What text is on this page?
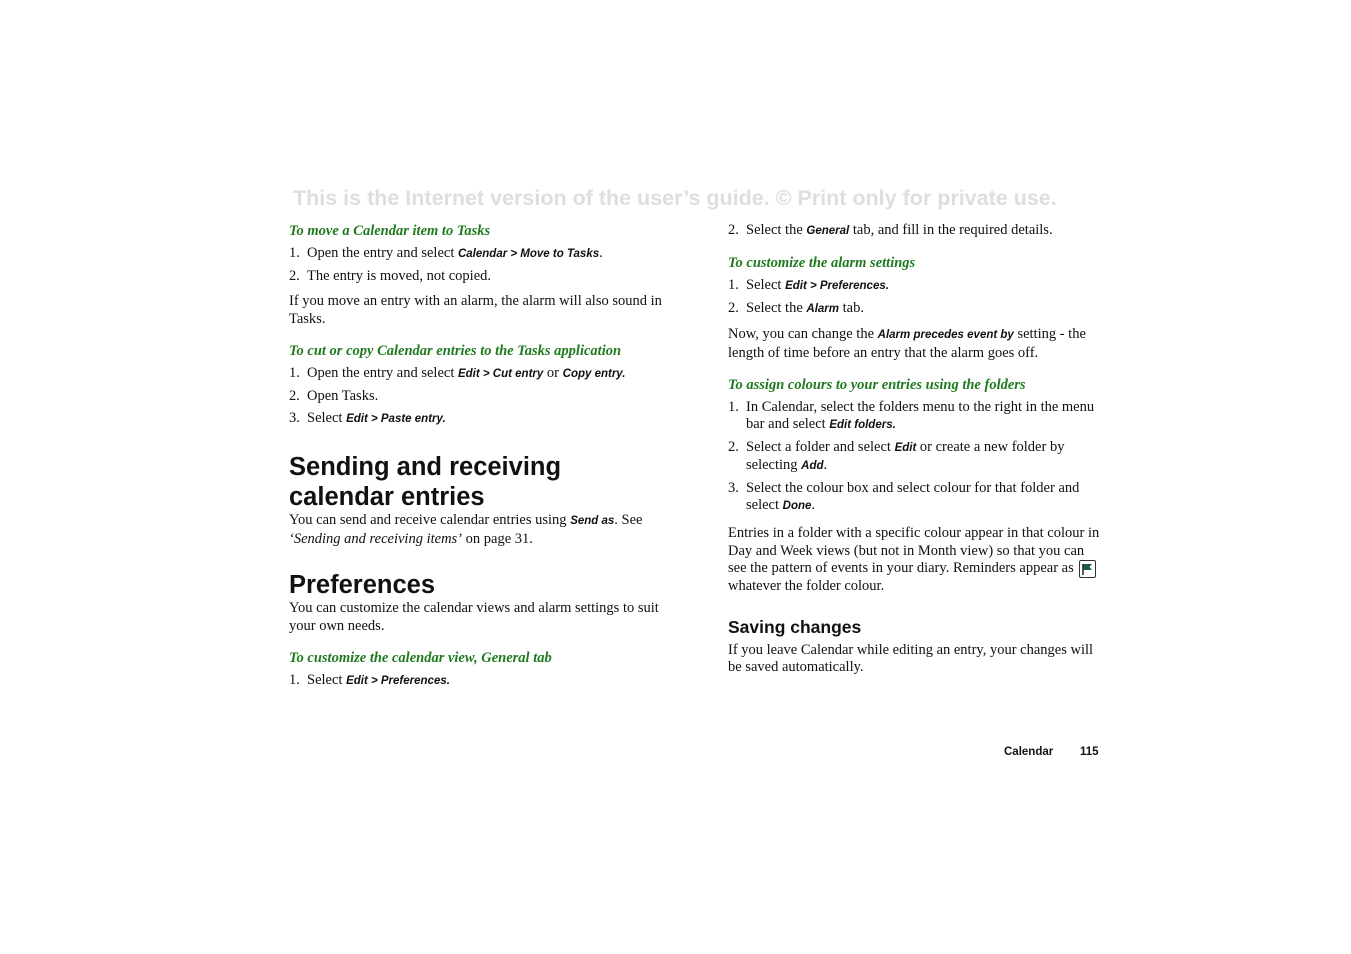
This is the Internet version of the user’s guide. © Print only for private use.

To move a Calendar item to Tasks

1. Open the entry and select Calendar > Move to Tasks.
2. The entry is moved, not copied.

If you move an entry with an alarm, the alarm will also sound in Tasks.

To cut or copy Calendar entries to the Tasks application

1. Open the entry and select Edit > Cut entry or Copy entry.
2. Open Tasks.
3. Select Edit > Paste entry.
Sending and receiving calendar entries

You can send and receive calendar entries using Send as. See ‘Sending and receiving items’ on page 31.

Preferences

You can customize the calendar views and alarm settings to suit your own needs.

To customize the calendar view, General tab

1. Select Edit > Preferences.
2. Select the General tab, and fill in the required details.

To customize the alarm settings

1. Select Edit > Preferences.
2. Select the Alarm tab.

Now, you can change the Alarm precedes event by setting - the length of time before an entry that the alarm goes off.

To assign colours to your entries using the folders

1. In Calendar, select the folders menu to the right in the menu bar and select Edit folders.
2. Select a folder and select Edit or create a new folder by selecting Add.
3. Select the colour box and select colour for that folder and select Done.

Entries in a folder with a specific colour appear in that colour in Day and Week views (but not in Month view) so that you can see the pattern of events in your diary. Reminders appear as  whatever the folder colour.

Saving changes

If you leave Calendar while editing an entry, your changes will be saved automatically.

Calendar 115
